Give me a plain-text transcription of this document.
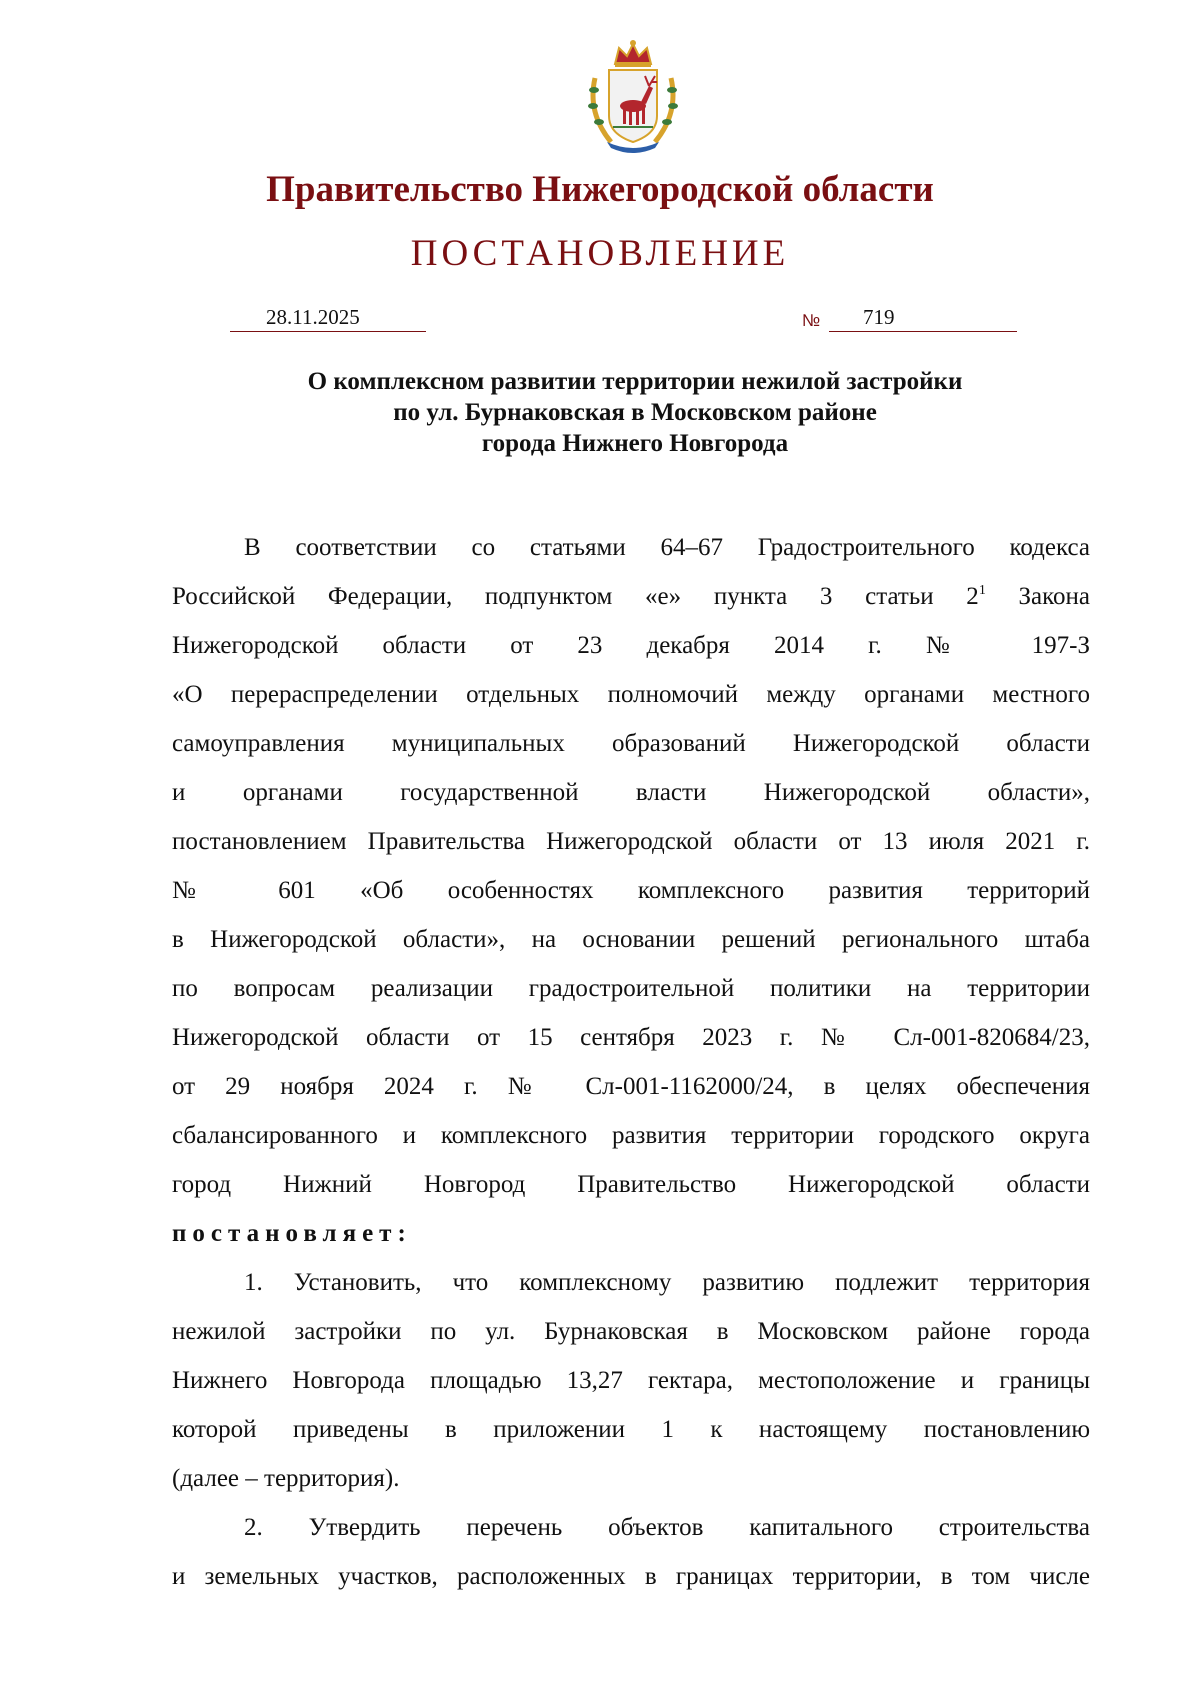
Правительство Нижегородской области
ПОСТАНОВЛЕНИЕ
28.11.2025	№ 719
О комплексном развитии территории нежилой застройки
по ул. Бурнаковская в Московском районе
города Нижнего Новгорода
В соответствии со статьями 64–67 Градостроительного кодекса
Российской Федерации, подпунктом «е» пункта 3 статьи $2^1$ Закона
Нижегородской области от 23 декабря 2014 г. № 197-З
«О перераспределении отдельных полномочий между органами местного
самоуправления муниципальных образований Нижегородской области
и органами государственной власти Нижегородской области»,
постановлением Правительства Нижегородской области от 13 июля 2021 г.
№ 601 «Об особенностях комплексного развития территорий
в Нижегородской области», на основании решений регионального штаба
по вопросам реализации градостроительной политики на территории
Нижегородской области от 15 сентября 2023 г. № Сл-001-820684/23,
от 29 ноября 2024 г. № Сл-001-1162000/24, в целях обеспечения
сбалансированного и комплексного развития территории городского округа
город Нижний Новгород Правительство Нижегородской области
постановляет:
1. Установить, что комплексному развитию подлежит территория
нежилой застройки по ул. Бурнаковская в Московском районе города
Нижнего Новгорода площадью 13,27 гектара, местоположение и границы
которой приведены в приложении 1 к настоящему постановлению
(далее – территория).
2. Утвердить перечень объектов капитального строительства
и земельных участков, расположенных в границах территории, в том числе
